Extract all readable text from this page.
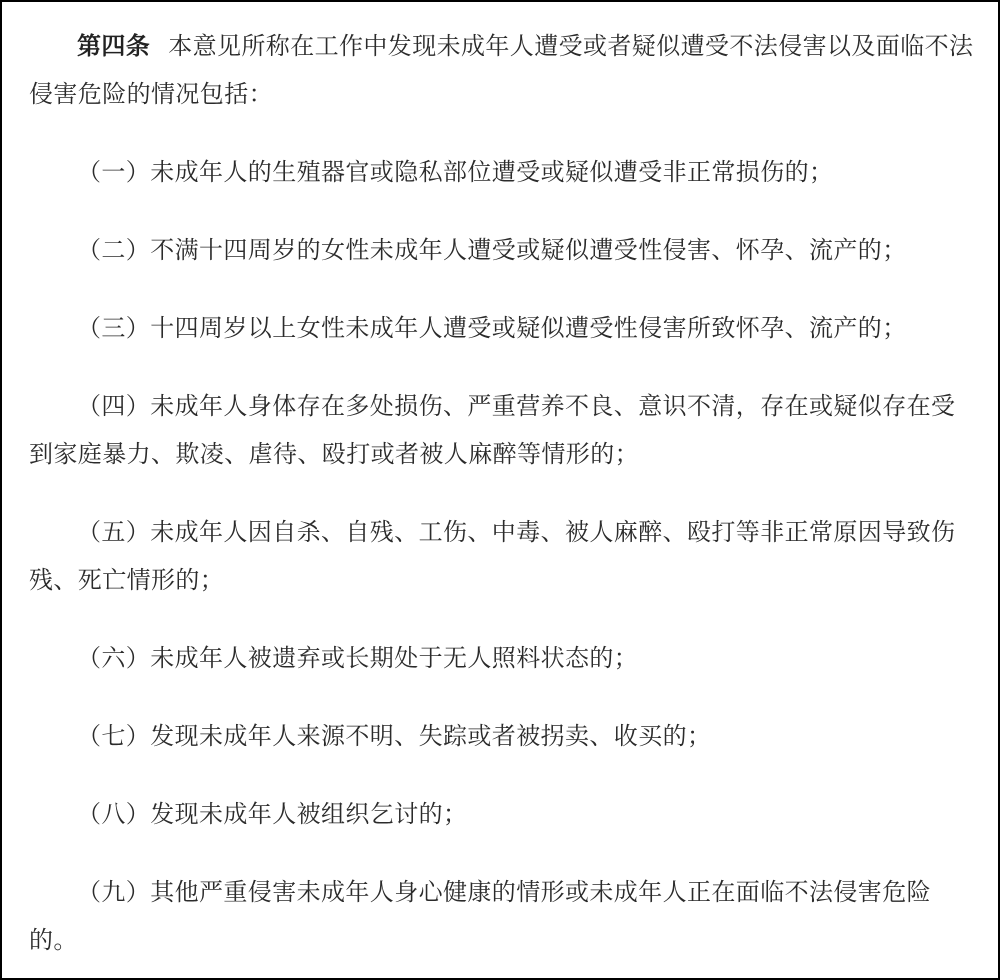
第四条 本意见所称在工作中发现未成年人遭受或者疑似遭受不法侵害以及面临不法侵害危险的情况包括：

（一）未成年人的生殖器官或隐私部位遭受或疑似遭受非正常损伤的；

（二）不满十四周岁的女性未成年人遭受或疑似遭受性侵害、怀孕、流产的；

（三）十四周岁以上女性未成年人遭受或疑似遭受性侵害所致怀孕、流产的；

（四）未成年人身体存在多处损伤、严重营养不良、意识不清，存在或疑似存在受到家庭暴力、欺凌、虐待、殴打或者被人麻醉等情形的；

（五）未成年人因自杀、自残、工伤、中毒、被人麻醉、殴打等非正常原因导致伤残、死亡情形的；

（六）未成年人被遗弃或长期处于无人照料状态的；

（七）发现未成年人来源不明、失踪或者被拐卖、收买的；

（八）发现未成年人被组织乞讨的；

（九）其他严重侵害未成年人身心健康的情形或未成年人正在面临不法侵害危险的。
